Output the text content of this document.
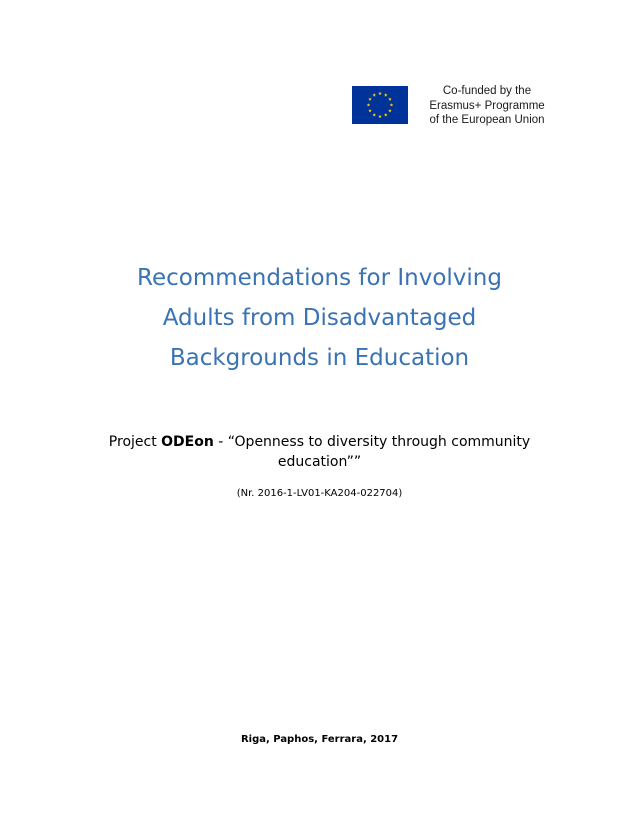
Co-funded by the
Erasmus+ Programme
of the European Union
Recommendations for Involving
Adults from Disadvantaged
Backgrounds in Education
Project ODEon - “Openness to diversity through community
education””
(Nr. 2016-1-LV01-KA204-022704)
Riga, Paphos, Ferrara, 2017
